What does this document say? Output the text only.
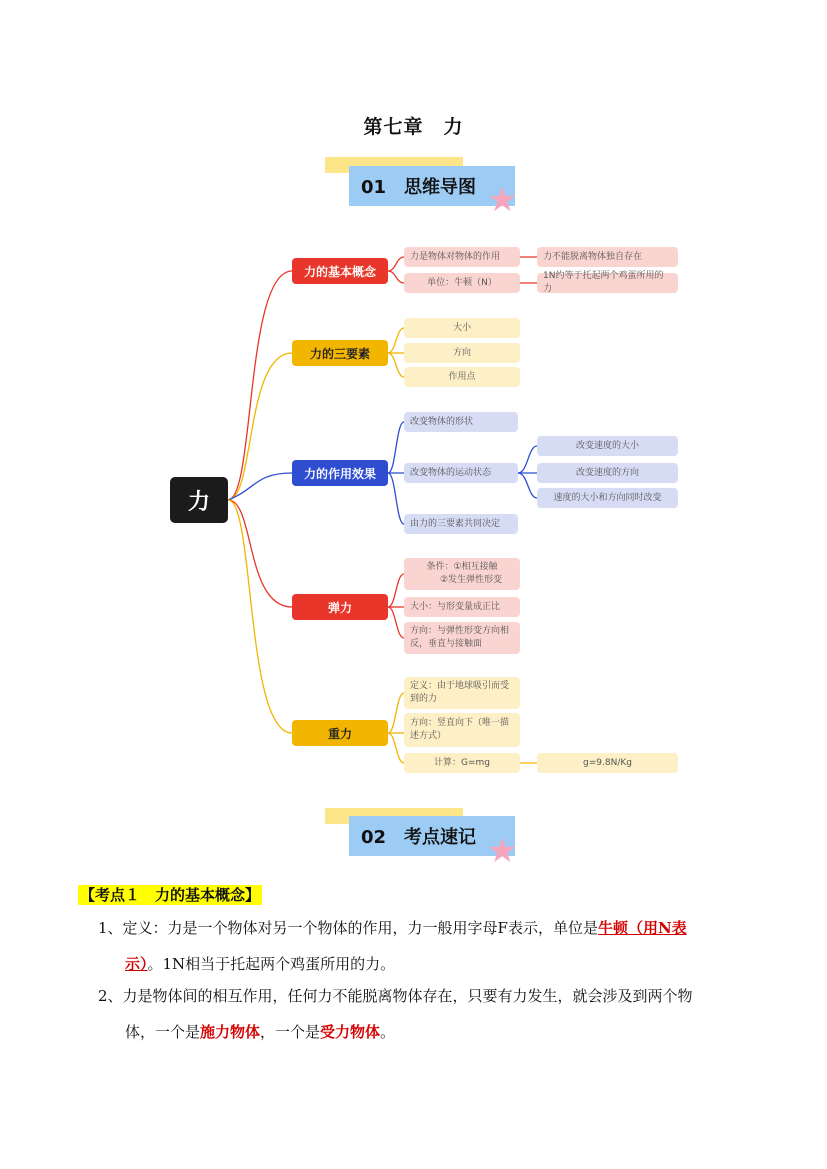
第七章　力
01　思维导图 ★
力
力的基本概念
力是物体对物体的作用	力不能脱离物体独自存在
单位：牛顿（N）
1N约等于托起两个鸡蛋所用的力
力的三要素
大小
方向
作用点
力的作用效果
改变物体的形状
改变物体的运动状态
改变速度的大小
改变速度的方向
速度的大小和方向同时改变
由力的三要素共同决定
弹力
条件：①相互接触
②发生弹性形变
大小：与形变量成正比
方向：与弹性形变方向相反，垂直与接触面
重力
定义：由于地球吸引而受到的力
方向：竖直向下（唯一描述方式）
计算：G=mg	g=9.8N/Kg
02　考点速记 ★
【考点１　力的基本概念】
1、定义：力是一个物体对另一个物体的作用，力一般用字母F表示，单位是牛顿（用N表
示）。1N相当于托起两个鸡蛋所用的力。
2、力是物体间的相互作用，任何力不能脱离物体存在，只要有力发生，就会涉及到两个物
体，一个是施力物体，一个是受力物体。
